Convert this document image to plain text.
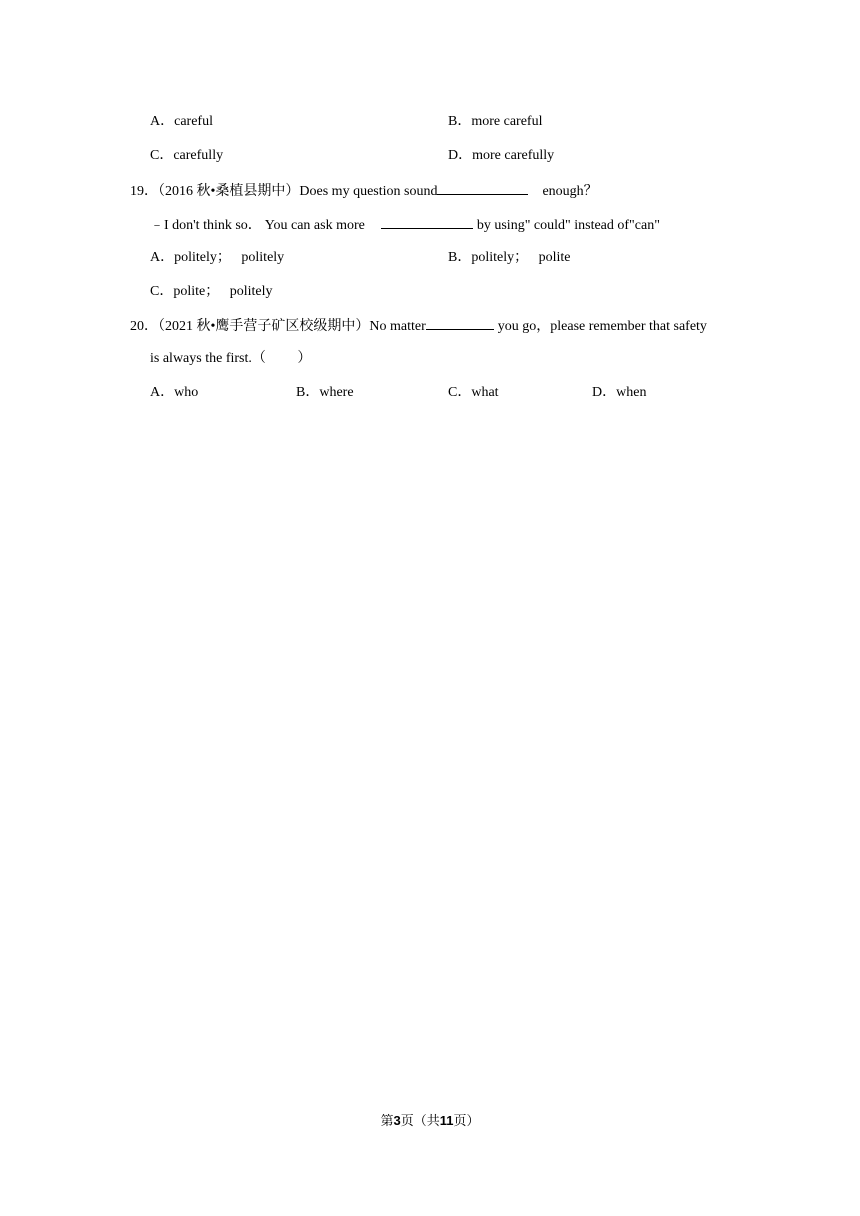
A．careful	B．more careful
C．carefully	D．more carefully
19．（2016 秋•桑植县期中）Does my question sound	enough？
﹣I don't think so． You can ask more	by using" could" instead of"can"
A．politely；   politely	B．politely；   polite
C．polite；   politely
20．（2021 秋•鹰手营子矿区校级期中）No matter	you go，please remember that safety
is always the first.（         ）
A．who	B．where	C．what	D．when
第3页（共11页）
